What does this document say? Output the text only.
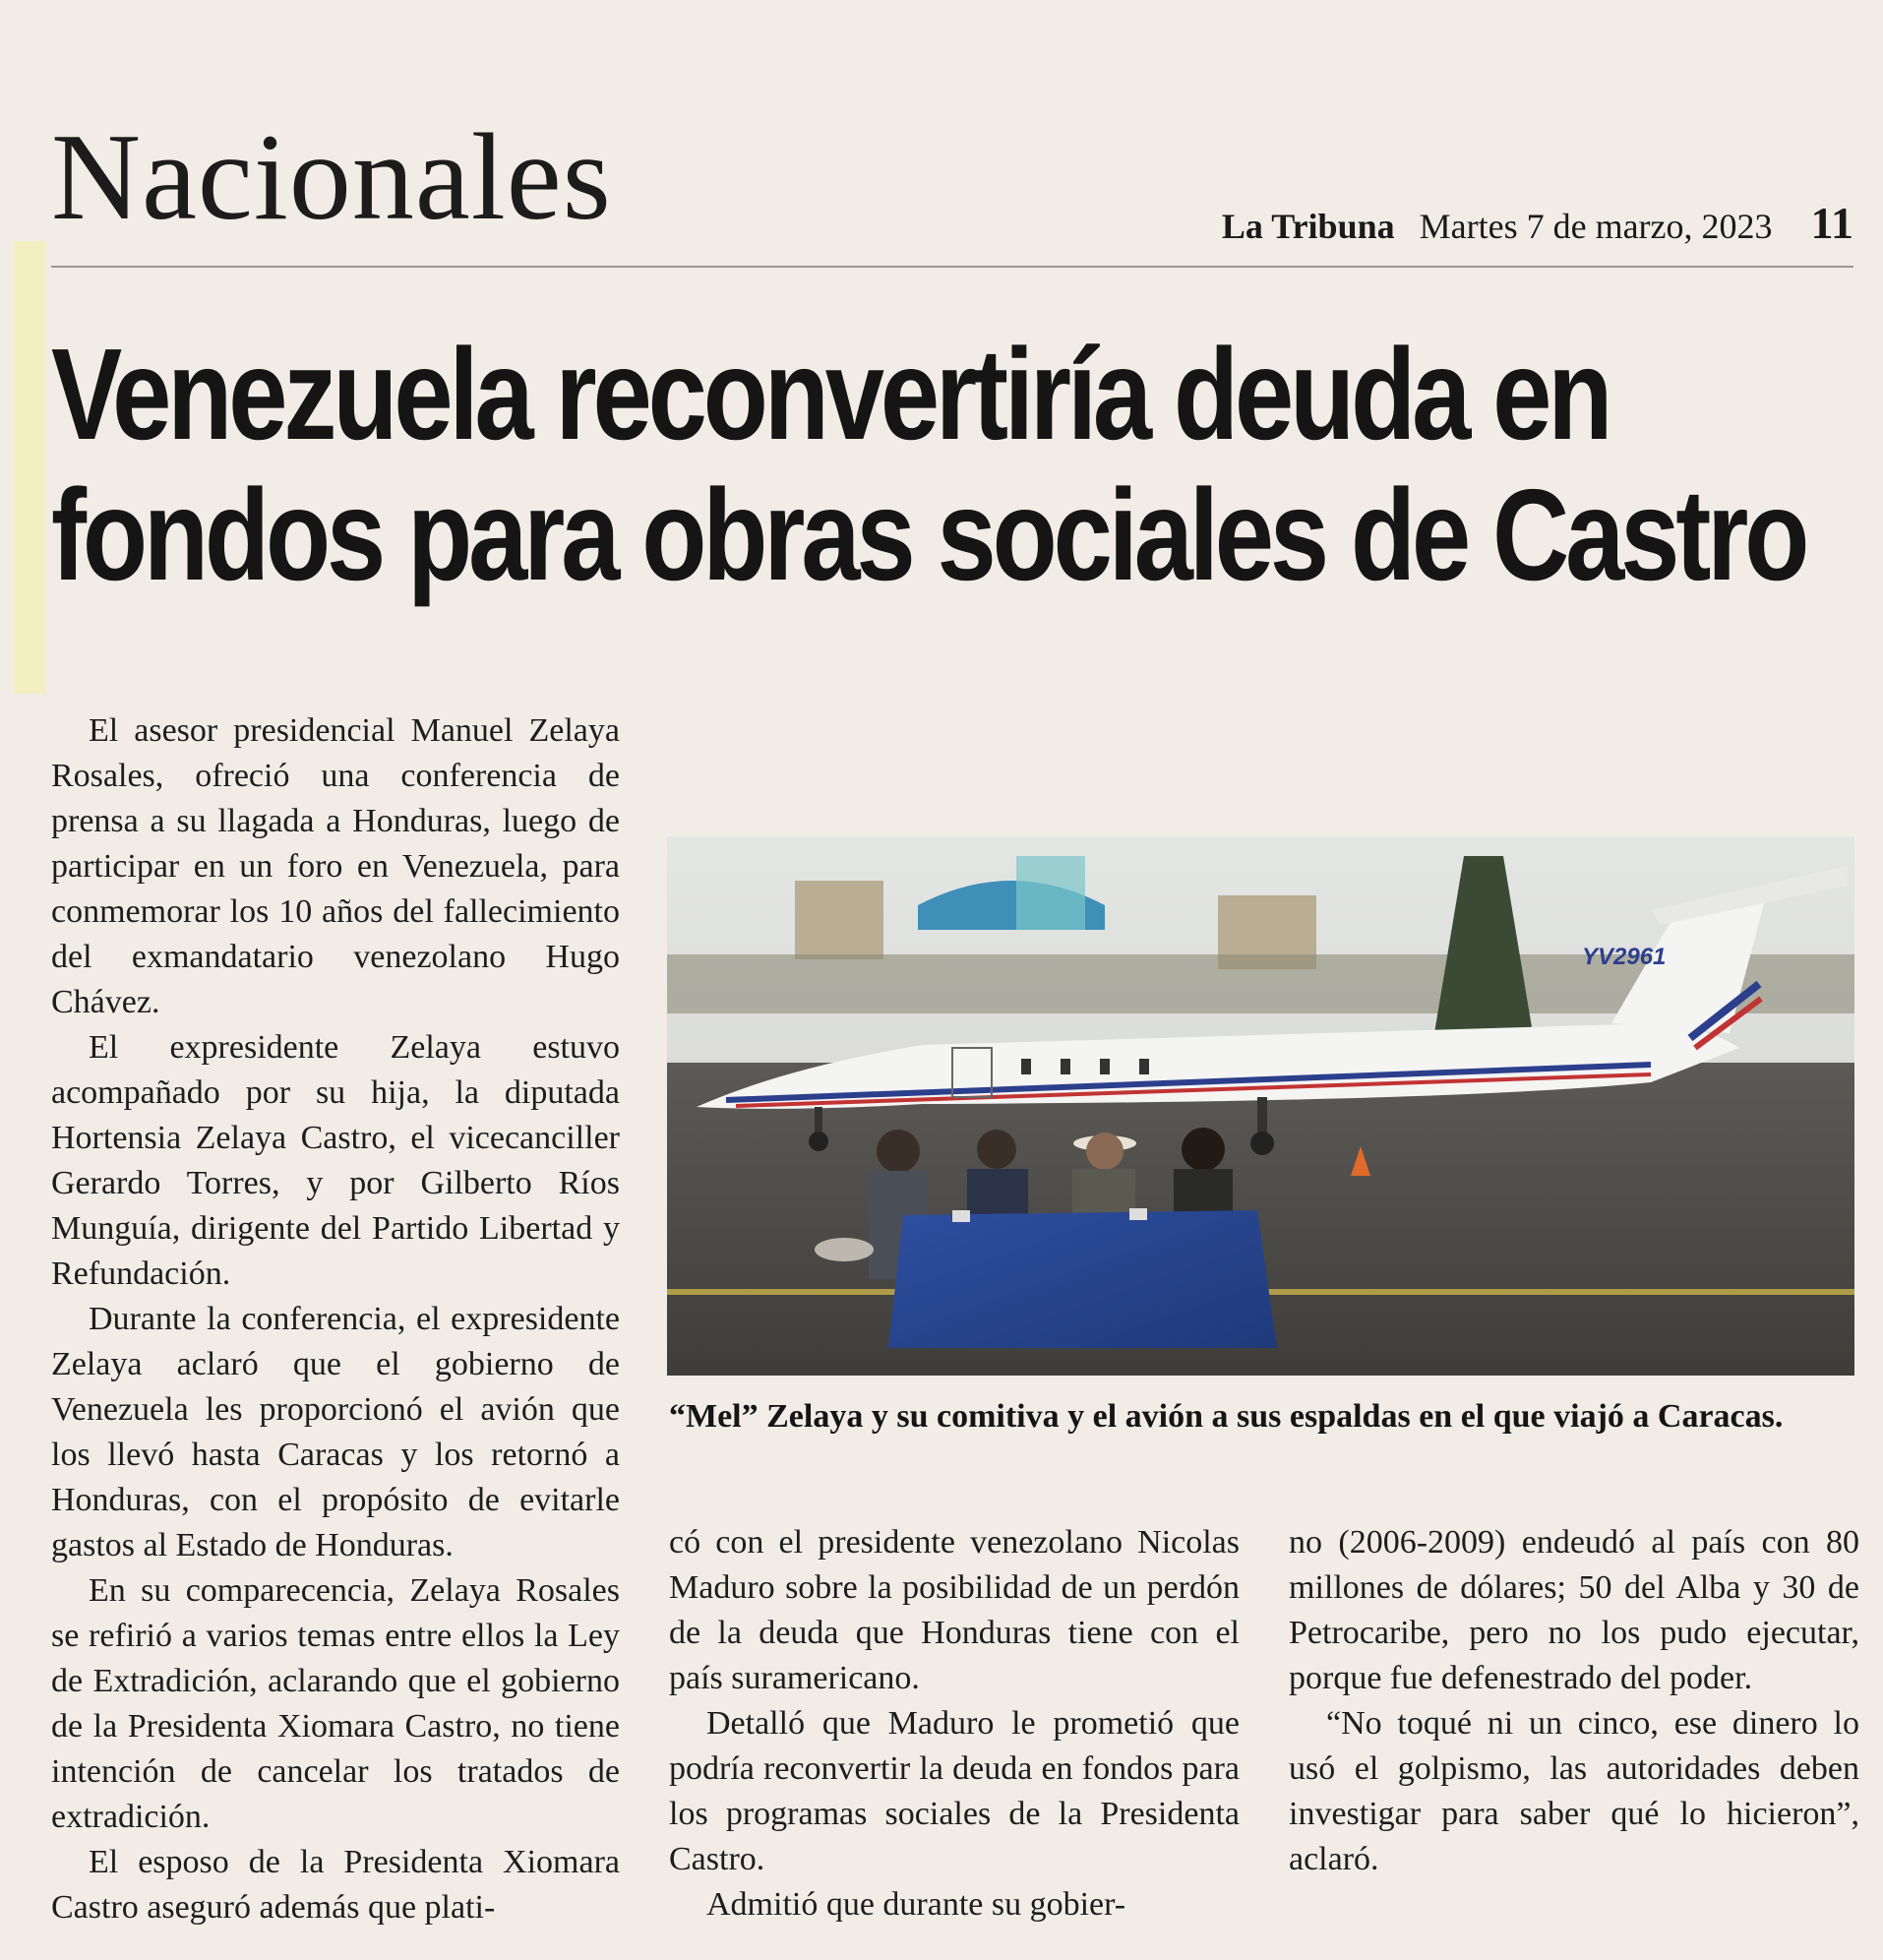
Nacionales	La Tribuna Martes 7 de marzo, 2023 11
Venezuela reconvertiría deuda en
fondos para obras sociales de Castro

El asesor presidencial Manuel Zelaya Rosales, ofreció una conferencia de prensa a su llagada a Honduras, luego de participar en un foro en Venezuela, para conmemorar los 10 años del fallecimiento del exmandatario venezolano Hugo Chávez.

El expresidente Zelaya estuvo acompañado por su hija, la diputada Hortensia Zelaya Castro, el vicecanciller Gerardo Torres, y por Gilberto Ríos Munguía, dirigente del Partido Libertad y Refundación.

Durante la conferencia, el expresidente Zelaya aclaró que el gobierno de Venezuela les proporcionó el avión que los llevó hasta Caracas y los retornó a Honduras, con el propósito de evitarle gastos al Estado de Honduras.

En su comparecencia, Zelaya Rosales se refirió a varios temas entre ellos la Ley de Extradición, aclarando que el gobierno de la Presidenta Xiomara Castro, no tiene intención de cancelar los tratados de extradición.

El esposo de la Presidenta Xiomara Castro aseguró además que plati-

YV2961
“Mel” Zelaya y su comitiva y el avión a sus espaldas en el que viajó a Caracas.

có con el presidente venezolano Nicolas Maduro sobre la posibilidad de un perdón de la deuda que Honduras tiene con el país suramericano.

Detalló que Maduro le prometió que podría reconvertir la deuda en fondos para los programas sociales de la Presidenta Castro.

Admitió que durante su gobier-

no (2006-2009) endeudó al país con 80 millones de dólares; 50 del Alba y 30 de Petrocaribe, pero no los pudo ejecutar, porque fue defenestrado del poder.

“No toqué ni un cinco, ese dinero lo usó el golpismo, las autoridades deben investigar para saber qué lo hicieron”, aclaró.
